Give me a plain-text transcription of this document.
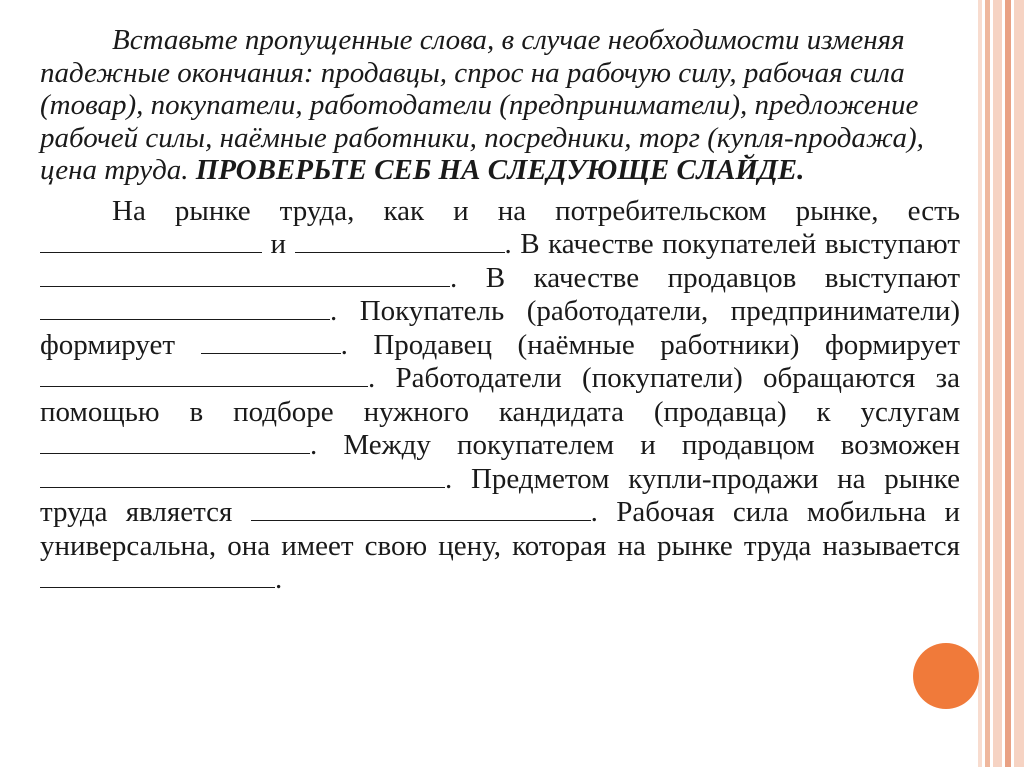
Вставьте пропущенные слова, в случае необходимости изменяя падежные окончания: продавцы, спрос на рабочую силу, рабочая сила (товар), покупатели, работодатели (предприниматели), предложение рабочей силы, наёмные работники, посредники, торг (купля-продажа), цена труда. ПРОВЕРЬТЕ СЕБ НА СЛЕДУЮЩЕ СЛАЙДЕ.

На рынке труда, как и на потребительском рынке, есть  и	. В качестве покупателей выступают . В качестве продавцов выступают . Покупатель (работодатели, предприниматели) формирует	. Продавец (наёмные работники) формирует . Работодатели (покупатели) обращаются за помощью в подборе нужного кандидата (продавца) к услугам . Между покупателем и продавцом возможен . Предметом купли-продажи на рынке труда является	. Рабочая сила мобильна и универсальна, она имеет свою цену, которая на рынке труда называется .
